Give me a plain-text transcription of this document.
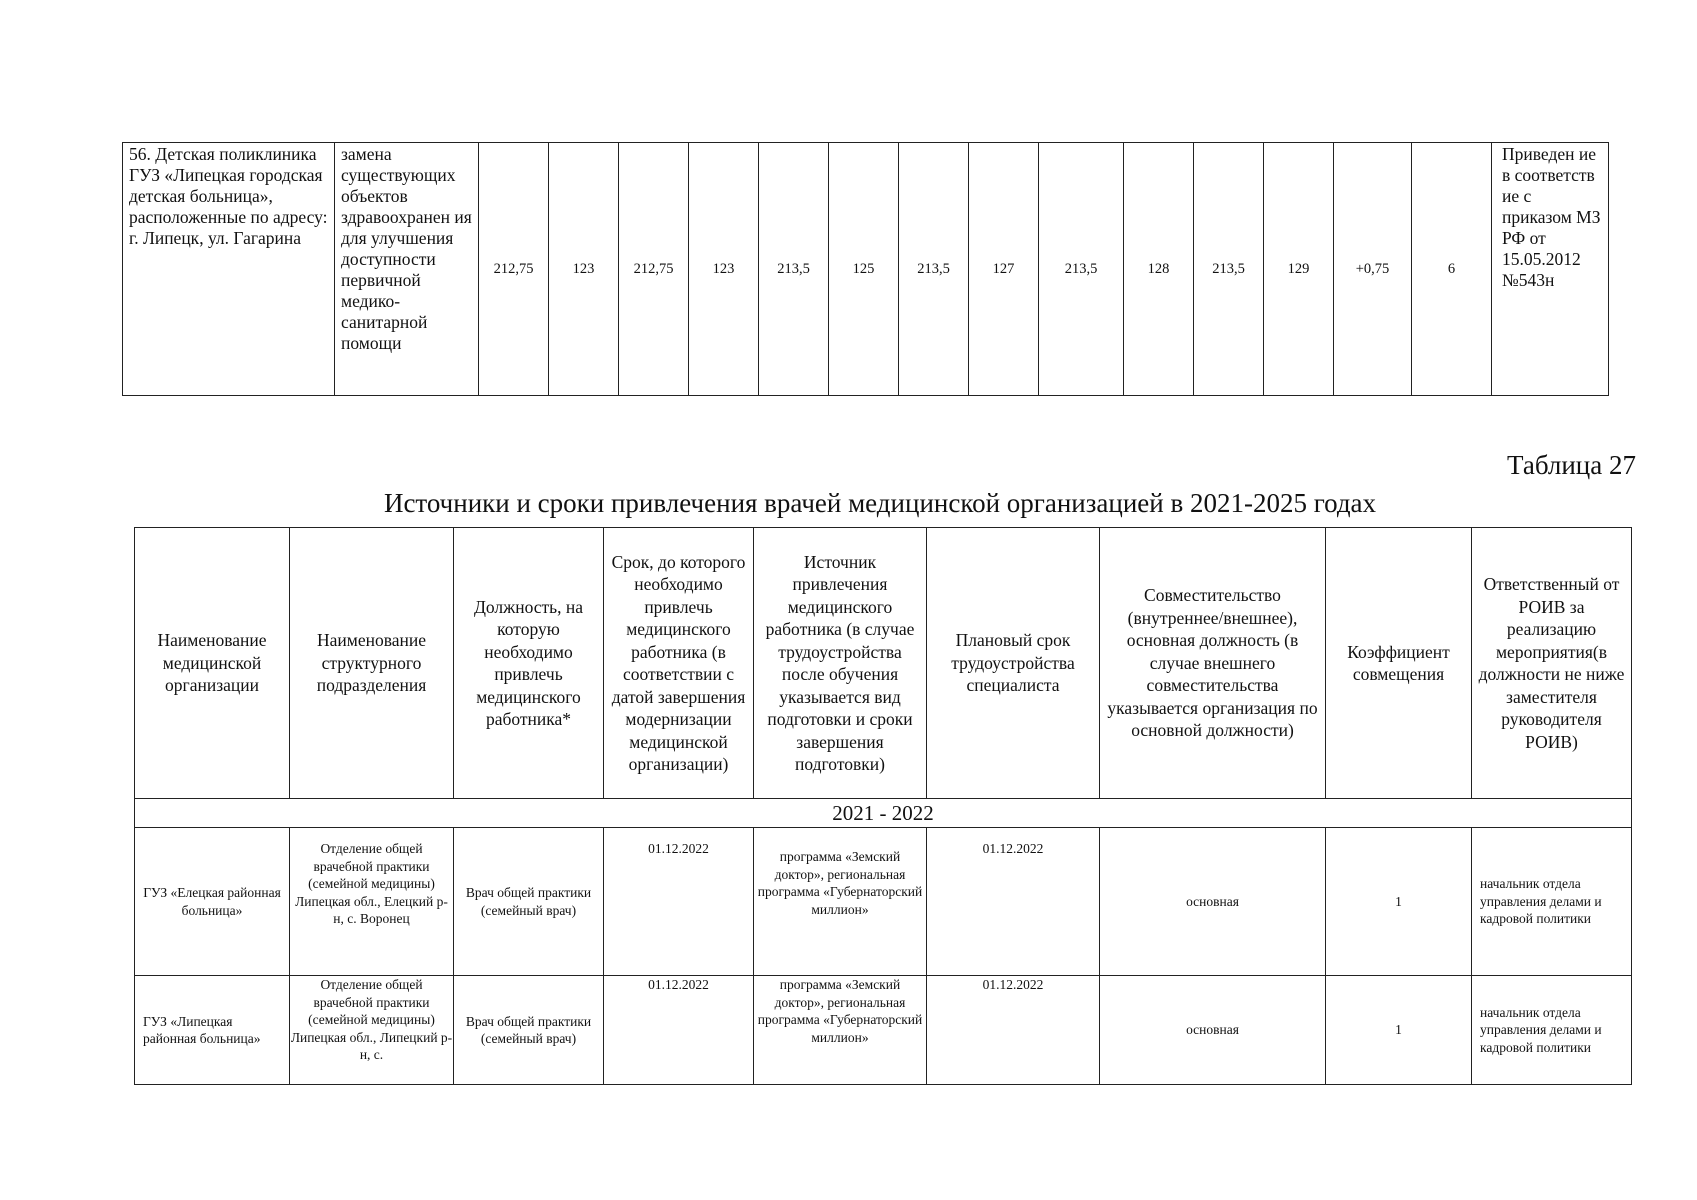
56. Детская поликлиника ГУЗ «Липецкая городская детская больница», расположенные по адресу: г. Липецк, ул. Гагарина	замена существующих объектов здравоохранен ия для улучшения доступности первичной медико-санитарной помощи	212,75	123	212,75	123	213,5	125	213,5	127	213,5	128	213,5	129	+0,75	6	Приведен ие в соответств ие с приказом МЗ РФ от 15.05.2012 №543н
Таблица 27
Источники и сроки привлечения врачей медицинской организацией в 2021-2025 годах
Наименование медицинской организации	Наименование структурного подразделения	Должность, на которую необходимо привлечь медицинского работника*	Срок, до которого необходимо привлечь медицинского работника (в соответствии с датой завершения модернизации медицинской организации)	Источник привлечения медицинского работника (в случае трудоустройства после обучения указывается вид подготовки и сроки завершения подготовки)	Плановый срок трудоустройства специалиста	Совместительство (внутреннее/внешнее), основная должность (в случае внешнего совместительства указывается организация по основной должности)	Коэффициент совмещения	Ответственный от РОИВ за реализацию мероприятия(в должности не ниже заместителя руководителя РОИВ)
2021 - 2022								
ГУЗ «Елецкая районная больница»	Отделение общей врачебной практики (семейной медицины) Липецкая обл., Елецкий р-н, с. Воронец	Врач общей практики (семейный врач)	01.12.2022	программа «Земский доктор», региональная программа «Губернаторский миллион»	01.12.2022	основная	1	начальник отдела управления делами и кадровой политики
ГУЗ «Липецкая районная больница»	Отделение общей врачебной практики (семейной медицины) Липецкая обл., Липецкий р-н, с.	Врач общей практики (семейный врач)	01.12.2022	программа «Земский доктор», региональная программа «Губернаторский миллион»	01.12.2022	основная	1	начальник отдела управления делами и кадровой политики
